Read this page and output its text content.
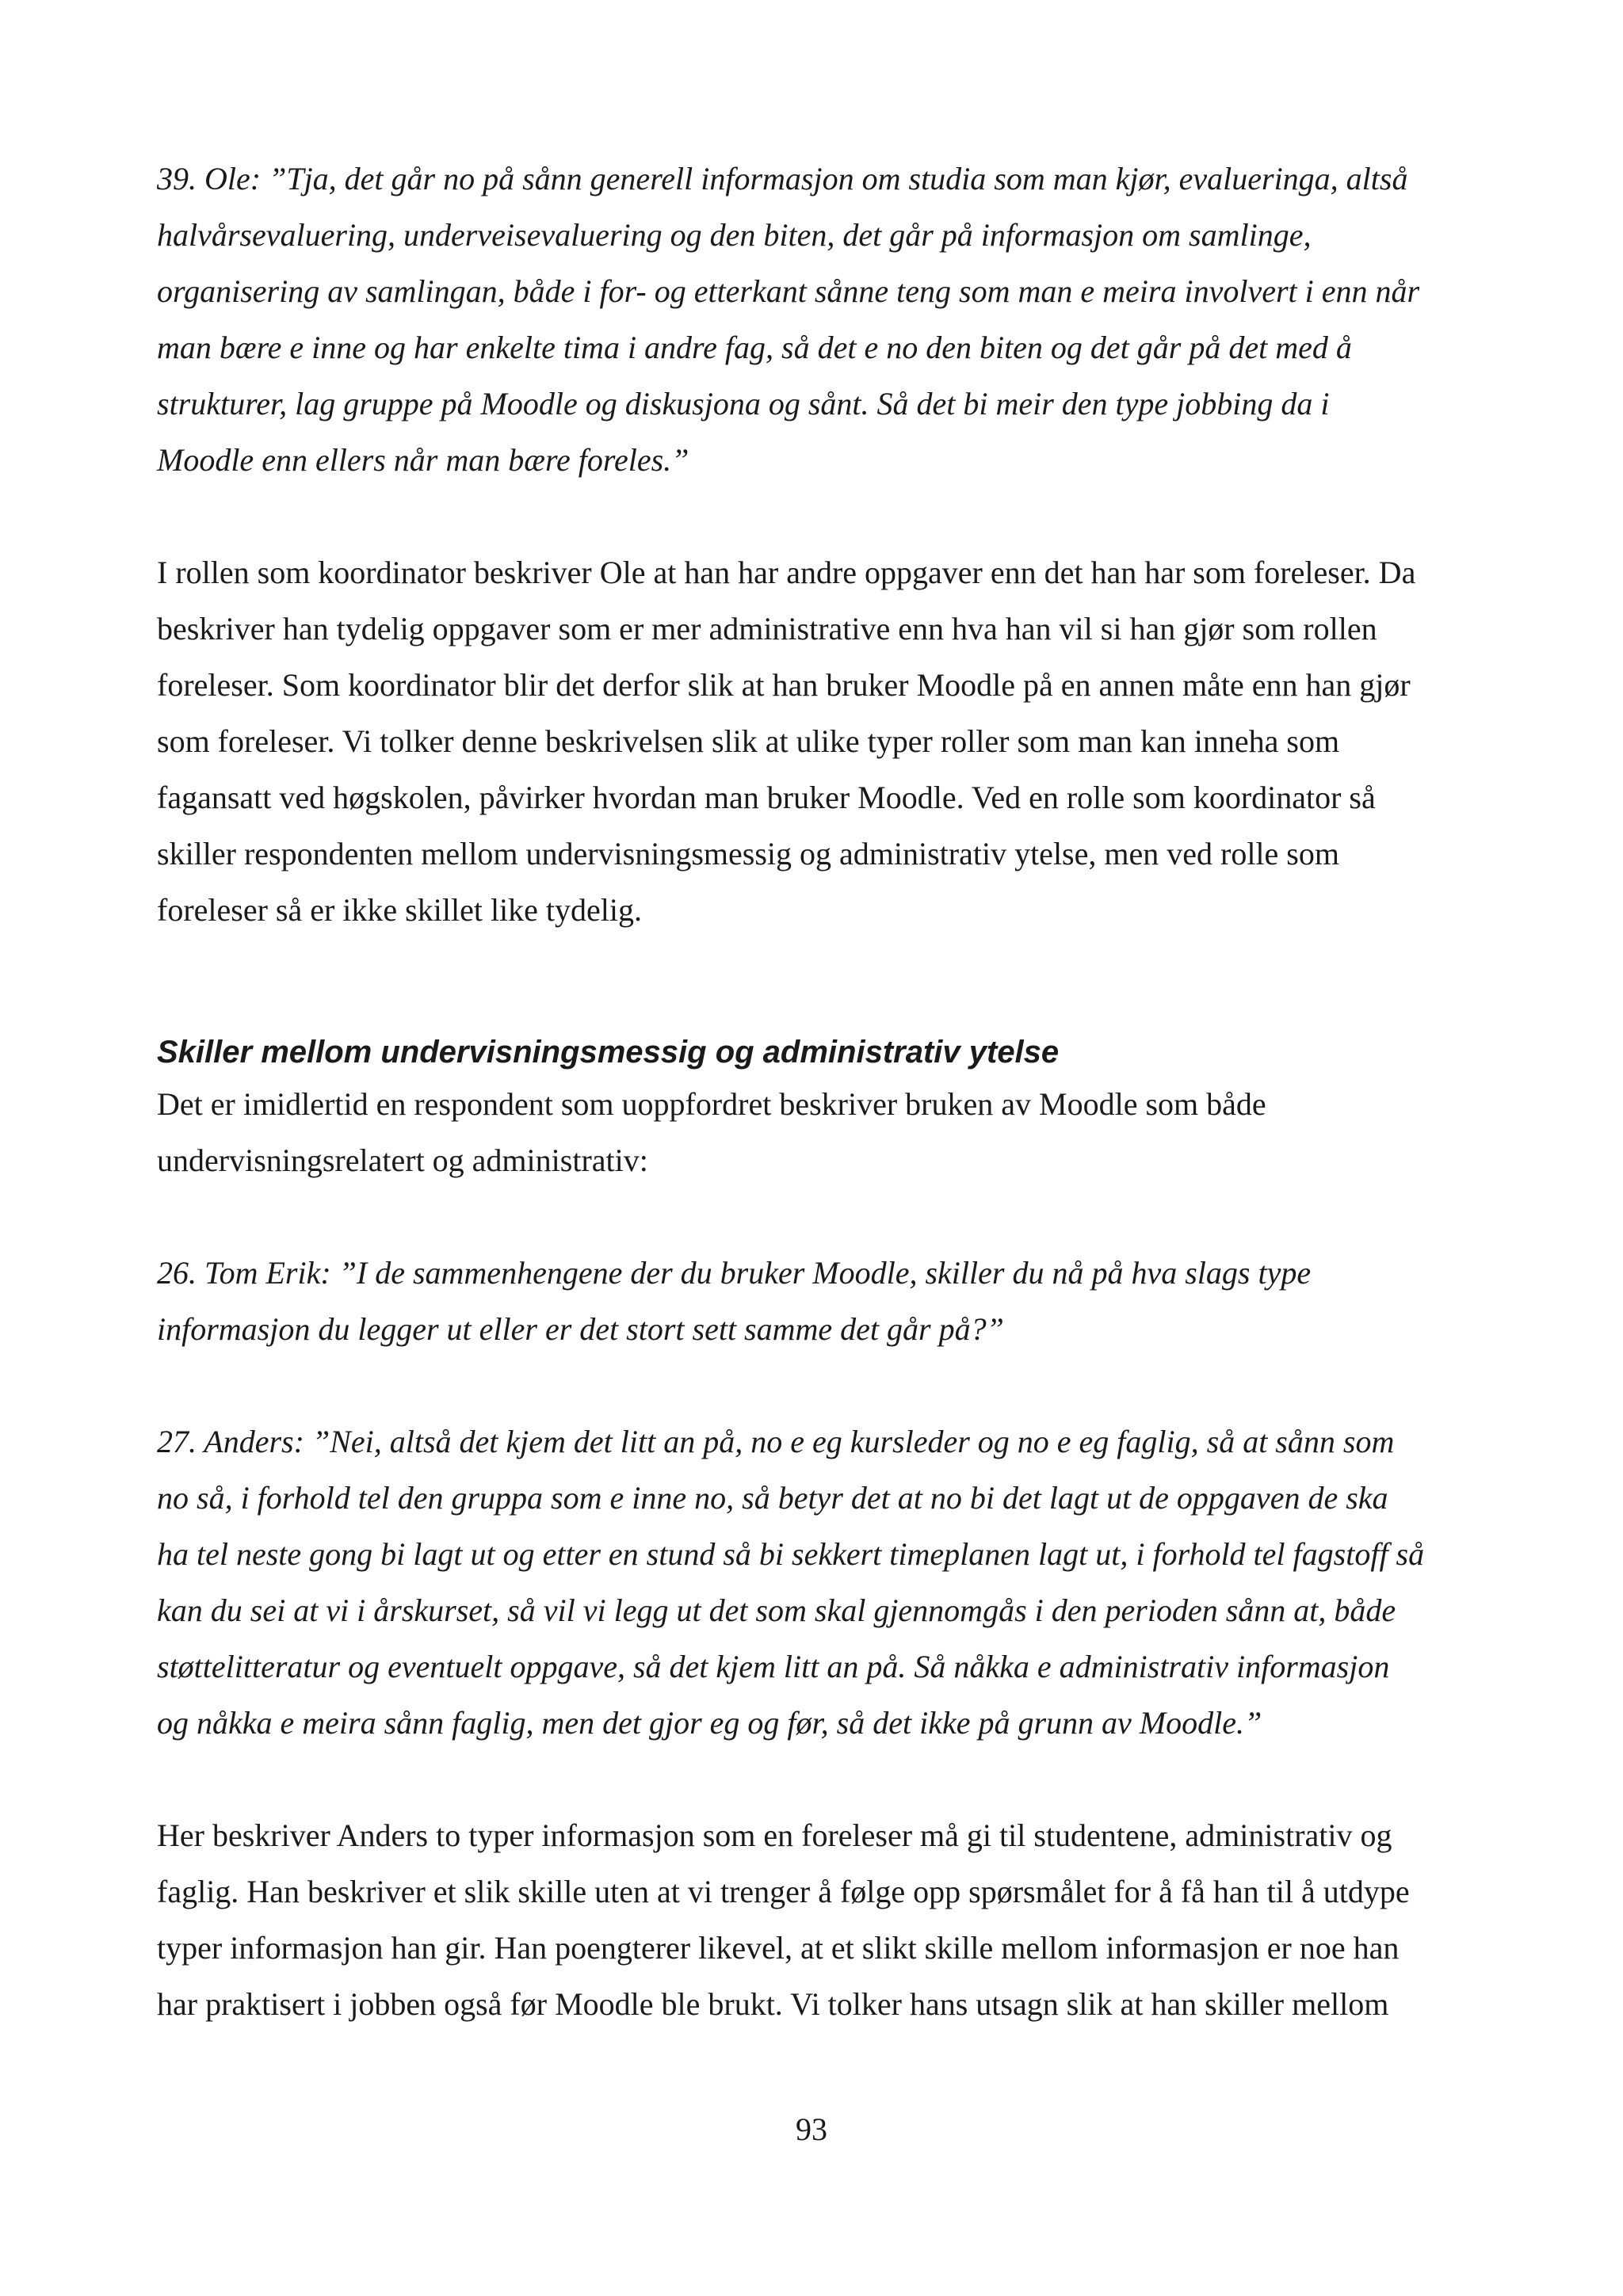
39. Ole: ”Tja, det går no på sånn generell informasjon om studia som man kjør, evalueringa, altså
halvårsevaluering, underveisevaluering og den biten, det går på informasjon om samlinge,
organisering av samlingan, både i for- og etterkant sånne teng som man e meira involvert i enn når
man bære e inne og har enkelte tima i andre fag, så det e no den biten og det går på det med å
strukturer, lag gruppe på Moodle og diskusjona og sånt. Så det bi meir den type jobbing da i
Moodle enn ellers når man bære foreles.”

I rollen som koordinator beskriver Ole at han har andre oppgaver enn det han har som foreleser. Da
beskriver han tydelig oppgaver som er mer administrative enn hva han vil si han gjør som rollen
foreleser. Som koordinator blir det derfor slik at han bruker Moodle på en annen måte enn han gjør
som foreleser. Vi tolker denne beskrivelsen slik at ulike typer roller som man kan inneha som
fagansatt ved høgskolen, påvirker hvordan man bruker Moodle. Ved en rolle som koordinator så
skiller respondenten mellom undervisningsmessig og administrativ ytelse, men ved rolle som
foreleser så er ikke skillet like tydelig.

Skiller mellom undervisningsmessig og administrativ ytelse

Det er imidlertid en respondent som uoppfordret beskriver bruken av Moodle som både
undervisningsrelatert og administrativ:

26. Tom Erik: ”I de sammenhengene der du bruker Moodle, skiller du nå på hva slags type
informasjon du legger ut eller er det stort sett samme det går på?”

27. Anders: ”Nei, altså det kjem det litt an på, no e eg kursleder og no e eg faglig, så at sånn som
no så, i forhold tel den gruppa som e inne no, så betyr det at no bi det lagt ut de oppgaven de ska
ha tel neste gong bi lagt ut og etter en stund så bi sekkert timeplanen lagt ut, i forhold tel fagstoff så
kan du sei at vi i årskurset, så vil vi legg ut det som skal gjennomgås i den perioden sånn at, både
støttelitteratur og eventuelt oppgave, så det kjem litt an på. Så nåkka e administrativ informasjon
og nåkka e meira sånn faglig, men det gjor eg og før, så det ikke på grunn av Moodle.”

Her beskriver Anders to typer informasjon som en foreleser må gi til studentene, administrativ og
faglig. Han beskriver et slik skille uten at vi trenger å følge opp spørsmålet for å få han til å utdype
typer informasjon han gir. Han poengterer likevel, at et slikt skille mellom informasjon er noe han
har praktisert i jobben også før Moodle ble brukt. Vi tolker hans utsagn slik at han skiller mellom

93
